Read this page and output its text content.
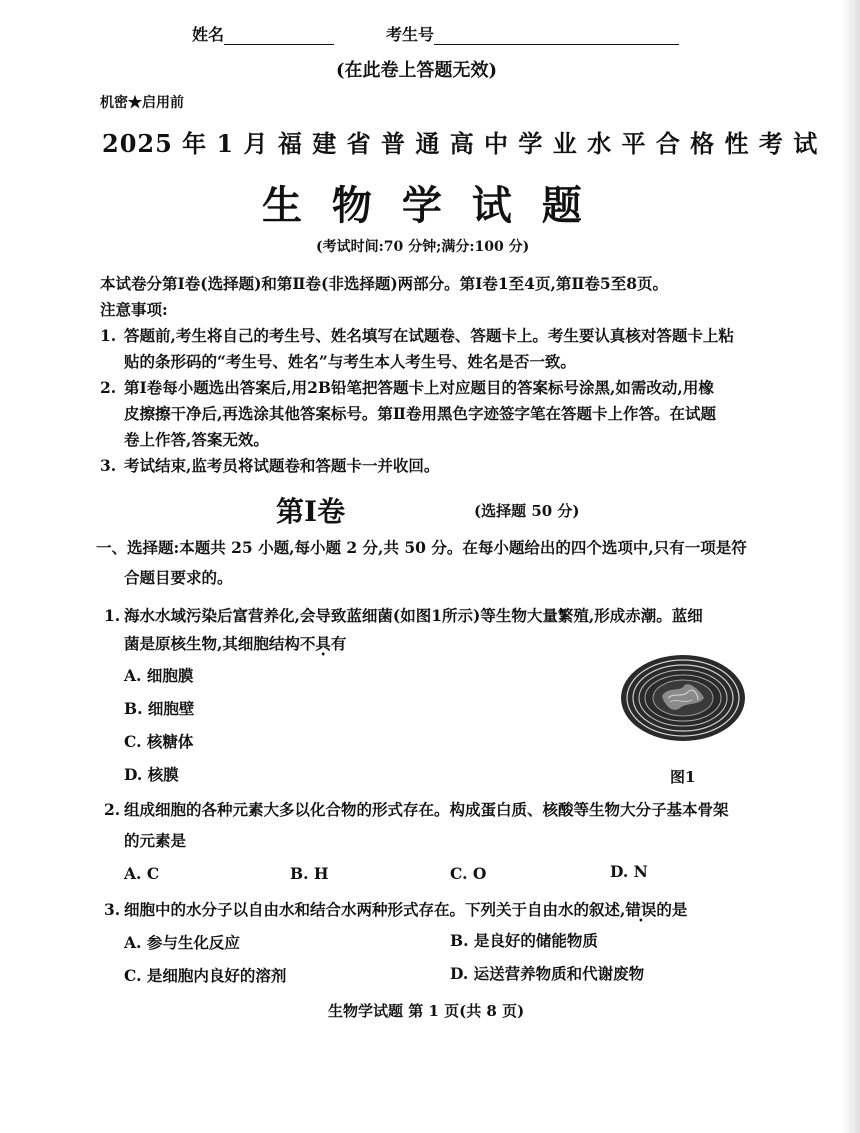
姓名	考生号
(在此卷上答题无效)
机密★启用前
2025 年 1 月 福 建 省 普 通 高 中 学 业 水 平 合 格 性 考 试
生 物 学 试 题
(考试时间:70 分钟;满分:100 分)
本试卷分第Ⅰ卷(选择题)和第Ⅱ卷(非选择题)两部分。第Ⅰ卷1至4页,第Ⅱ卷5至8页。
注意事项:
1. 答题前,考生将自己的考生号、姓名填写在试题卷、答题卡上。考生要认真核对答题卡上粘
贴的条形码的“考生号、姓名”与考生本人考生号、姓名是否一致。
2. 第Ⅰ卷每小题选出答案后,用2B铅笔把答题卡上对应题目的答案标号涂黑,如需改动,用橡
皮擦擦干净后,再选涂其他答案标号。第Ⅱ卷用黑色字迹签字笔在答题卡上作答。在试题
卷上作答,答案无效。
3. 考试结束,监考员将试题卷和答题卡一并收回。
第Ⅰ卷	(选择题 50 分)
一、选择题:本题共 25 小题,每小题 2 分,共 50 分。在每小题给出的四个选项中,只有一项是符
合题目要求的。
1. 海水水域污染后富营养化,会导致蓝细菌(如图1所示)等生物大量繁殖,形成赤潮。蓝细
菌是原核生物,其细胞结构不具有
A. 细胞膜
B. 细胞壁
C. 核糖体
D. 核膜	图1
2. 组成细胞的各种元素大多以化合物的形式存在。构成蛋白质、核酸等生物大分子基本骨架
的元素是
A. C	B. H	C. O	D. N
3. 细胞中的水分子以自由水和结合水两种形式存在。下列关于自由水的叙述,错误的是
A. 参与生化反应	B. 是良好的储能物质
C. 是细胞内良好的溶剂	D. 运送营养物质和代谢废物
生物学试题 第 1 页(共 8 页)
